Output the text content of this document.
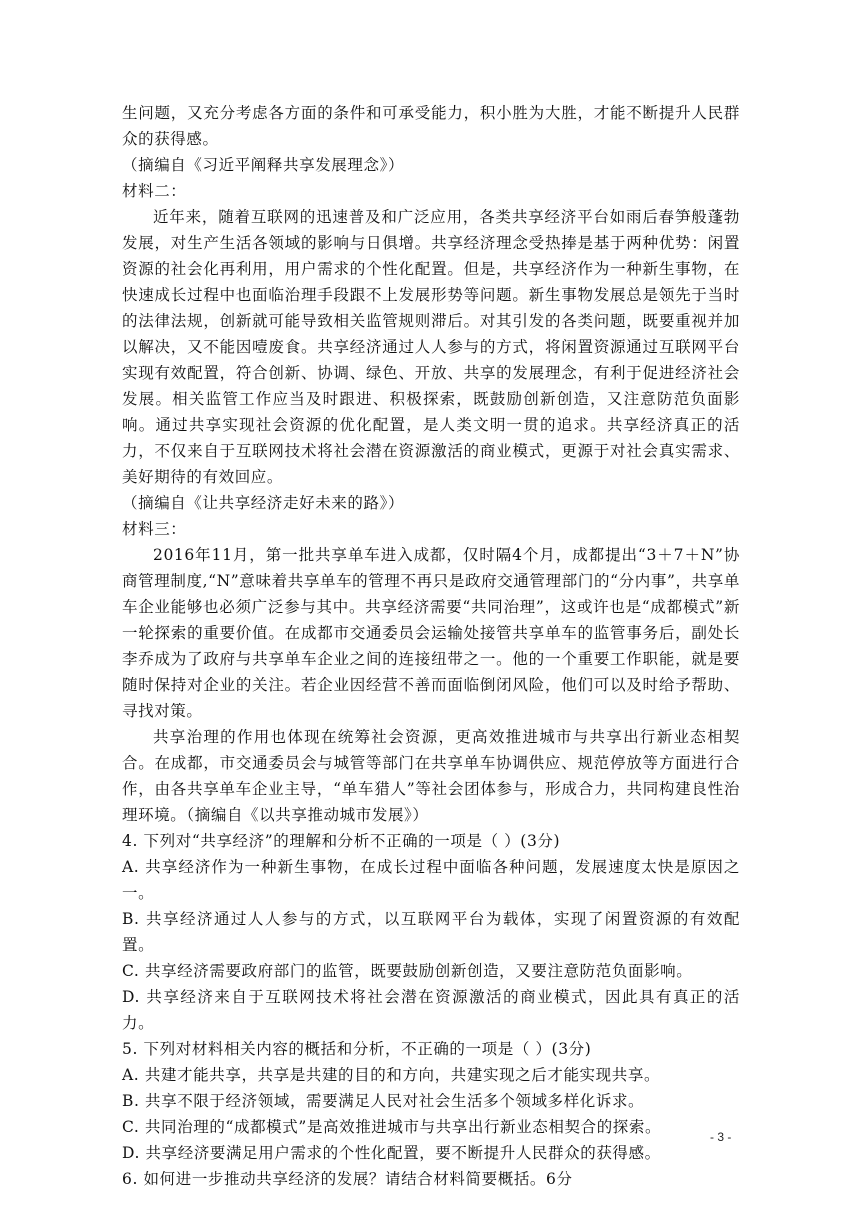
生问题，又充分考虑各方面的条件和可承受能力，积小胜为大胜，才能不断提升人民群众的获得感。

（摘编自《习近平阐释共享发展理念》）

材料二：

近年来，随着互联网的迅速普及和广泛应用，各类共享经济平台如雨后春笋般蓬勃发展，对生产生活各领域的影响与日俱增。共享经济理念受热捧是基于两种优势：闲置资源的社会化再利用，用户需求的个性化配置。但是，共享经济作为一种新生事物，在快速成长过程中也面临治理手段跟不上发展形势等问题。新生事物发展总是领先于当时的法律法规，创新就可能导致相关监管规则滞后。对其引发的各类问题，既要重视并加以解决，又不能因噎废食。共享经济通过人人参与的方式，将闲置资源通过互联网平台实现有效配置，符合创新、协调、绿色、开放、共享的发展理念，有利于促进经济社会发展。相关监管工作应当及时跟进、积极探索，既鼓励创新创造，又注意防范负面影响。通过共享实现社会资源的优化配置，是人类文明一贯的追求。共享经济真正的活力，不仅来自于互联网技术将社会潜在资源激活的商业模式，更源于对社会真实需求、美好期待的有效回应。

（摘编自《让共享经济走好未来的路》）

材料三：

2016年11月，第一批共享单车进入成都，仅时隔4个月，成都提出“3＋7＋N”协商管理制度,“N”意味着共享单车的管理不再只是政府交通管理部门的“分内事”，共享单车企业能够也必须广泛参与其中。共享经济需要“共同治理”，这或许也是“成都模式”新一轮探索的重要价值。在成都市交通委员会运输处接管共享单车的监管事务后，副处长李乔成为了政府与共享单车企业之间的连接纽带之一。他的一个重要工作职能，就是要随时保持对企业的关注。若企业因经营不善而面临倒闭风险，他们可以及时给予帮助、寻找对策。

共享治理的作用也体现在统筹社会资源，更高效推进城市与共享出行新业态相契合。在成都，市交通委员会与城管等部门在共享单车协调供应、规范停放等方面进行合作，由各共享单车企业主导，“单车猎人”等社会团体参与，形成合力，共同构建良性治理环境。（摘编自《以共享推动城市发展》）

4. 下列对“共享经济”的理解和分析不正确的一项是（ ）(3分)

A. 共享经济作为一种新生事物，在成长过程中面临各种问题，发展速度太快是原因之一。

B. 共享经济通过人人参与的方式，以互联网平台为载体，实现了闲置资源的有效配置。

C. 共享经济需要政府部门的监管，既要鼓励创新创造，又要注意防范负面影响。

D. 共享经济来自于互联网技术将社会潜在资源激活的商业模式，因此具有真正的活力。

5. 下列对材料相关内容的概括和分析，不正确的一项是（ ）(3分)

A. 共建才能共享，共享是共建的目的和方向，共建实现之后才能实现共享。

B. 共享不限于经济领域，需要满足人民对社会生活多个领域多样化诉求。

C. 共同治理的“成都模式”是高效推进城市与共享出行新业态相契合的探索。

D. 共享经济要满足用户需求的个性化配置，要不断提升人民群众的获得感。

6. 如何进一步推动共享经济的发展？请结合材料简要概括。6分

- 3 -
